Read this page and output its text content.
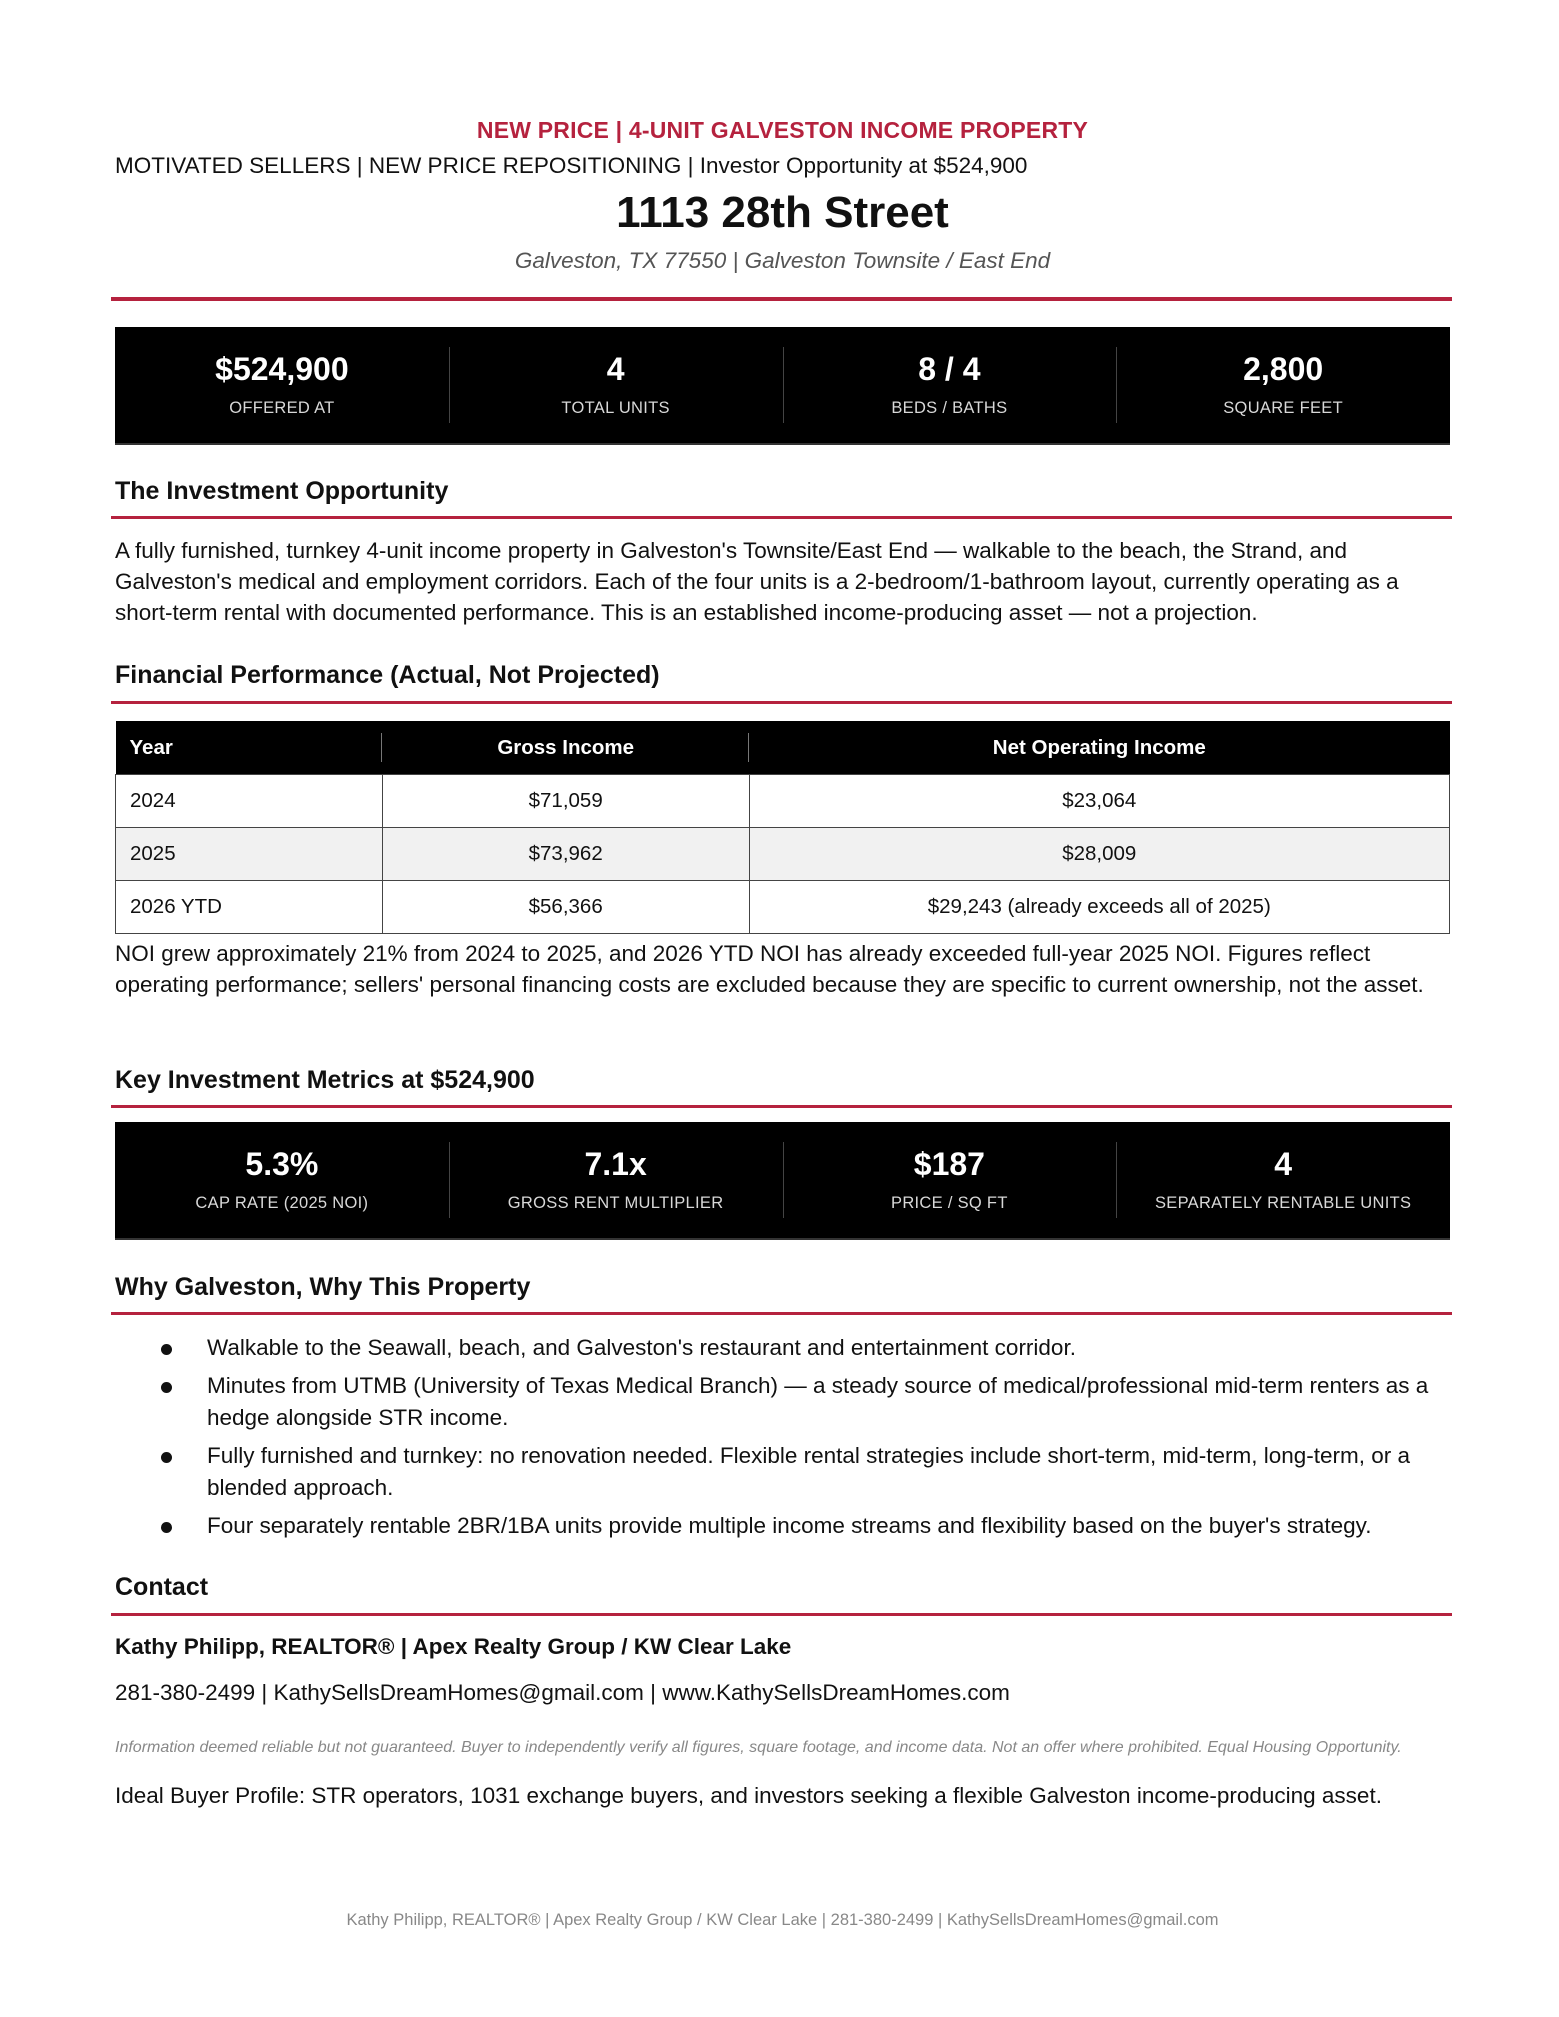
NEW PRICE | 4-UNIT GALVESTON INCOME PROPERTY
MOTIVATED SELLERS | NEW PRICE REPOSITIONING | Investor Opportunity at $524,900
1113 28th Street
Galveston, TX 77550 | Galveston Townsite / East End
$524,900
OFFERED AT
4
TOTAL UNITS
8 / 4
BEDS / BATHS
2,800
SQUARE FEET
The Investment Opportunity
A fully furnished, turnkey 4-unit income property in Galveston's Townsite/East End — walkable to the beach, the Strand, and Galveston's medical and employment corridors. Each of the four units is a 2-bedroom/1-bathroom layout, currently operating as a short-term rental with documented performance. This is an established income-producing asset — not a projection.
Financial Performance (Actual, Not Projected)
Year	Gross Income	Net Operating Income
2024	$71,059	$23,064
2025	$73,962	$28,009
2026 YTD	$56,366	$29,243 (already exceeds all of 2025)
NOI grew approximately 21% from 2024 to 2025, and 2026 YTD NOI has already exceeded full-year 2025 NOI. Figures reflect operating performance; sellers' personal financing costs are excluded because they are specific to current ownership, not the asset.
Key Investment Metrics at $524,900
5.3%
CAP RATE (2025 NOI)
7.1x
GROSS RENT MULTIPLIER
$187
PRICE / SQ FT
4
SEPARATELY RENTABLE UNITS
Why Galveston, Why This Property
Walkable to the Seawall, beach, and Galveston's restaurant and entertainment corridor.
Minutes from UTMB (University of Texas Medical Branch) — a steady source of medical/professional mid-term renters as a hedge alongside STR income.
Fully furnished and turnkey: no renovation needed. Flexible rental strategies include short-term, mid-term, long-term, or a blended approach.
Four separately rentable 2BR/1BA units provide multiple income streams and flexibility based on the buyer's strategy.
Contact
Kathy Philipp, REALTOR® | Apex Realty Group / KW Clear Lake
281-380-2499 | KathySellsDreamHomes@gmail.com | www.KathySellsDreamHomes.com
Information deemed reliable but not guaranteed. Buyer to independently verify all figures, square footage, and income data. Not an offer where prohibited. Equal Housing Opportunity.
Ideal Buyer Profile: STR operators, 1031 exchange buyers, and investors seeking a flexible Galveston income-producing asset.
Kathy Philipp, REALTOR® | Apex Realty Group / KW Clear Lake | 281-380-2499 | KathySellsDreamHomes@gmail.com
